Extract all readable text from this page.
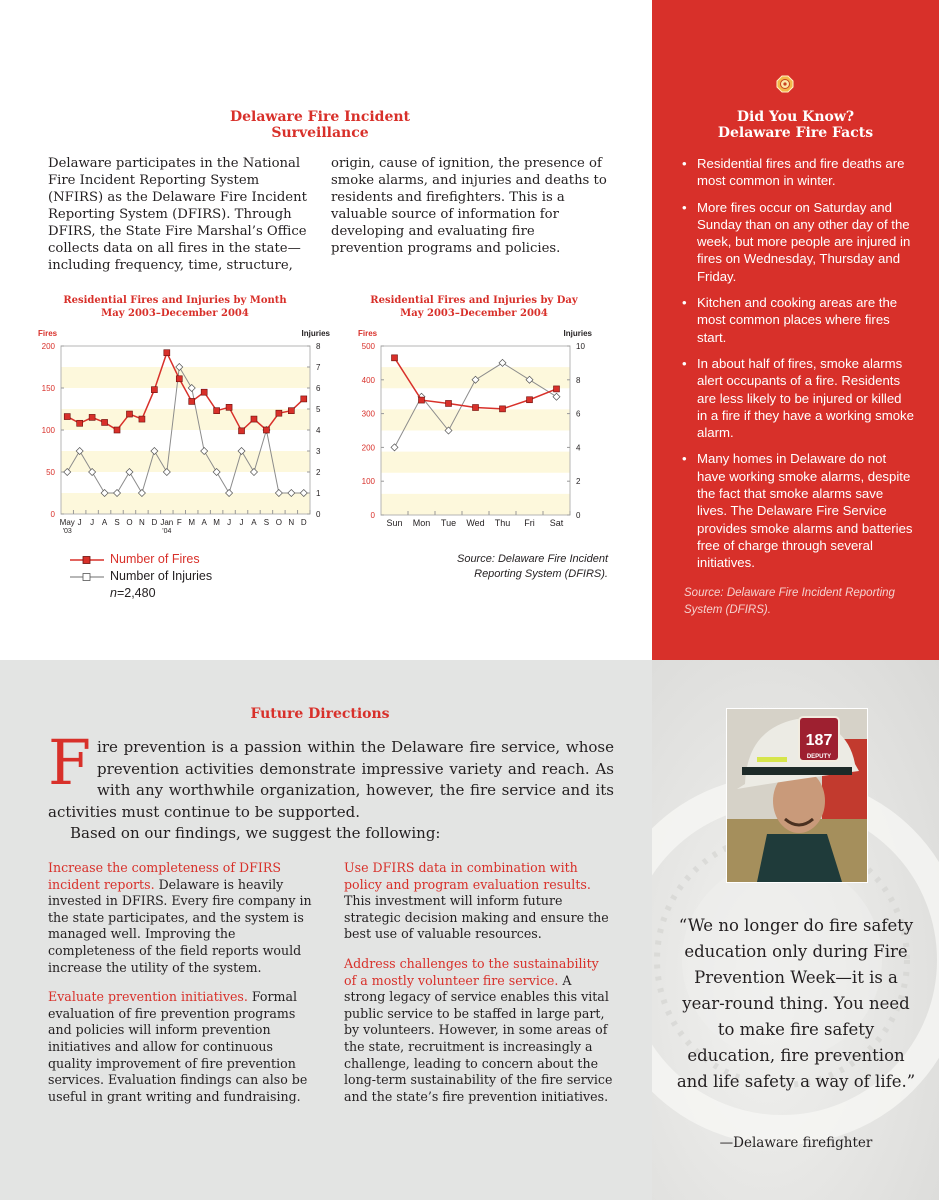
Delaware Fire Incident
Surveillance
Delaware participates in the National Fire Incident Reporting System (NFIRS) as the Delaware Fire Incident Reporting System (DFIRS). Through DFIRS, the State Fire Marshal’s Office collects data on all fires in the state—including frequency, time, structure,
origin, cause of ignition, the presence of smoke alarms, and injuries and deaths to residents and firefighters. This is a valuable source of information for developing and evaluating fire prevention programs and policies.
Residential Fires and Injuries by Month
May 2003–December 2004
Fires	Injuries
0
50
100
150
200
0
1
2
3
4
5
6
7
8
May
'03
J J A S O N D Jan
'04
F M A M J J A S O N D
Residential Fires and Injuries by Day
May 2003–December 2004
Fires	Injuries
0
100
200
300
400
500
0
2
4
6
8
10
Sun Mon Tue Wed Thu Fri Sat
Number of Fires
Number of Injuries
n=2,480
Source: Delaware Fire Incident
Reporting System (DFIRS).
Did You Know?
Delaware Fire Facts
• Residential fires and fire deaths are most common in winter.
• More fires occur on Saturday and Sunday than on any other day of the week, but more people are injured in fires on Wednesday, Thursday and Friday.
• Kitchen and cooking areas are the most common places where fires start.
• In about half of fires, smoke alarms alert occupants of a fire. Residents are less likely to be injured or killed in a fire if they have a working smoke alarm.
• Many homes in Delaware do not have working smoke alarms, despite the fact that smoke alarms save lives. The Delaware Fire Service provides smoke alarms and batteries free of charge through several initiatives.
Source: Delaware Fire Incident Reporting System (DFIRS).
Future Directions
Fire prevention is a passion within the Delaware fire service, whose prevention activities demonstrate impressive variety and reach. As with any worthwhile organization, however, the fire service and its activities must continue to be supported.
Based on our findings, we suggest the following:

Increase the completeness of DFIRS incident reports. Delaware is heavily invested in DFIRS. Every fire company in the state participates, and the system is managed well. Improving the completeness of the field reports would increase the utility of the system.

Evaluate prevention initiatives. Formal evaluation of fire prevention programs and policies will inform prevention initiatives and allow for continuous quality improvement of fire prevention services. Evaluation findings can also be useful in grant writing and fundraising.

Use DFIRS data in combination with policy and program evaluation results. This investment will inform future strategic decision making and ensure the best use of valuable resources.

Address challenges to the sustainability of a mostly volunteer fire service. A strong legacy of service enables this vital public service to be staffed in large part, by volunteers. However, in some areas of the state, recruitment is increasingly a challenge, leading to concern about the long-term sustainability of the fire service and the state’s fire prevention initiatives.

187
DEPUTY
“We no longer do fire safety education only during Fire Prevention Week—it is a year-round thing. You need to make fire safety education, fire prevention and life safety a way of life.”
—Delaware firefighter
